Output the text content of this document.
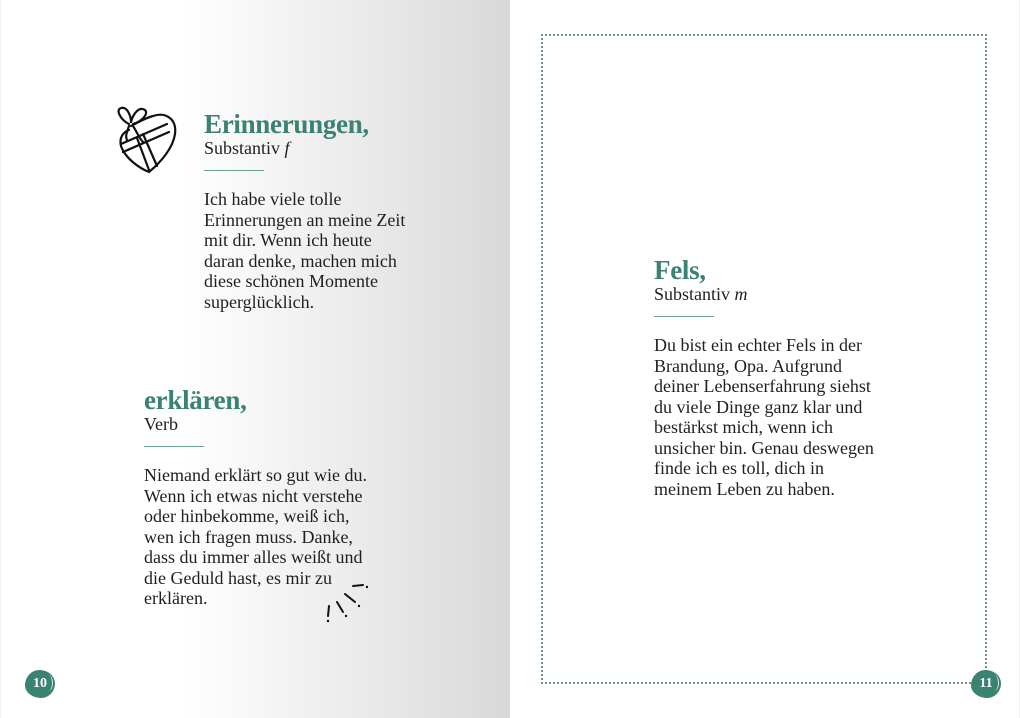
Erinnerungen,
Substantiv f
Ich habe viele tolle
Erinnerungen an meine Zeit
mit dir. Wenn ich heute
daran denke, machen mich
diese schönen Momente
superglücklich.
erklären,
Verb
Niemand erklärt so gut wie du.
Wenn ich etwas nicht verstehe
oder hinbekomme, weiß ich,
wen ich fragen muss. Danke,
dass du immer alles weißt und
die Geduld hast, es mir zu
erklären.
10
Fels,
Substantiv m
Du bist ein echter Fels in der
Brandung, Opa. Aufgrund
deiner Lebenserfahrung siehst
du viele Dinge ganz klar und
bestärkst mich, wenn ich
unsicher bin. Genau deswegen
finde ich es toll, dich in
meinem Leben zu haben.
11
